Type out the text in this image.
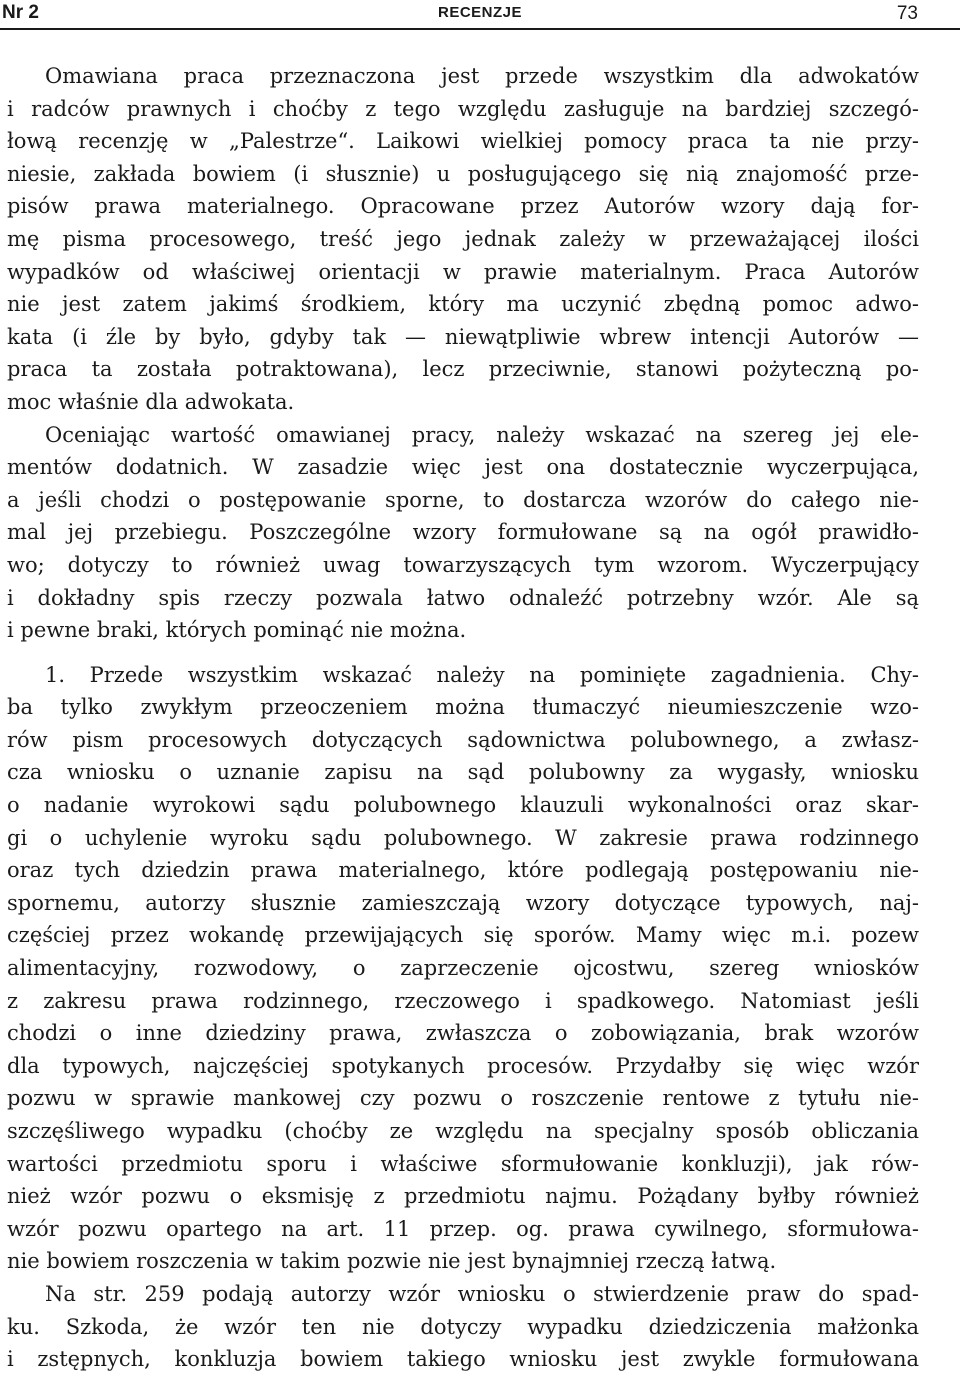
Nr 2	RECENZJE	73
Omawiana praca przeznaczona jest przede wszystkim dla adwokatów
i radców prawnych i choćby z tego względu zasługuje na bardziej szczegó-
łową recenzję w „Palestrze“. Laikowi wielkiej pomocy praca ta nie przy-
niesie, zakłada bowiem (i słusznie) u posługującego się nią znajomość prze-
pisów prawa materialnego. Opracowane przez Autorów wzory dają for-
mę pisma procesowego, treść jego jednak zależy w przeważającej ilości
wypadków od właściwej orientacji w prawie materialnym. Praca Autorów
nie jest zatem jakimś środkiem, który ma uczynić zbędną pomoc adwo-
kata (i źle by było, gdyby tak — niewątpliwie wbrew intencji Autorów —
praca ta została potraktowana), lecz przeciwnie, stanowi pożyteczną po-
moc właśnie dla adwokata.
Oceniając wartość omawianej pracy, należy wskazać na szereg jej ele-
mentów dodatnich. W zasadzie więc jest ona dostatecznie wyczerpująca,
a jeśli chodzi o postępowanie sporne, to dostarcza wzorów do całego nie-
mal jej przebiegu. Poszczególne wzory formułowane są na ogół prawidło-
wo; dotyczy to również uwag towarzyszących tym wzorom. Wyczerpujący
i dokładny spis rzeczy pozwala łatwo odnaleźć potrzebny wzór. Ale są
i pewne braki, których pominąć nie można.
1. Przede wszystkim wskazać należy na pominięte zagadnienia. Chy-
ba tylko zwykłym przeoczeniem można tłumaczyć nieumieszczenie wzo-
rów pism procesowych dotyczących sądownictwa polubownego, a zwłasz-
cza wniosku o uznanie zapisu na sąd polubowny za wygasły, wniosku
o nadanie wyrokowi sądu polubownego klauzuli wykonalności oraz skar-
gi o uchylenie wyroku sądu polubownego. W zakresie prawa rodzinnego
oraz tych dziedzin prawa materialnego, które podlegają postępowaniu nie-
spornemu, autorzy słusznie zamieszczają wzory dotyczące typowych, naj-
częściej przez wokandę przewijających się sporów. Mamy więc m.i. pozew
alimentacyjny, rozwodowy, o zaprzeczenie ojcostwu, szereg wniosków
z zakresu prawa rodzinnego, rzeczowego i spadkowego. Natomiast jeśli
chodzi o inne dziedziny prawa, zwłaszcza o zobowiązania, brak wzorów
dla typowych, najczęściej spotykanych procesów. Przydałby się więc wzór
pozwu w sprawie mankowej czy pozwu o roszczenie rentowe z tytułu nie-
szczęśliwego wypadku (choćby ze względu na specjalny sposób obliczania
wartości przedmiotu sporu i właściwe sformułowanie konkluzji), jak rów-
nież wzór pozwu o eksmisję z przedmiotu najmu. Pożądany byłby również
wzór pozwu opartego na art. 11 przep. og. prawa cywilnego, sformułowa-
nie bowiem roszczenia w takim pozwie nie jest bynajmniej rzeczą łatwą.
Na str. 259 podają autorzy wzór wniosku o stwierdzenie praw do spad-
ku. Szkoda, że wzór ten nie dotyczy wypadku dziedziczenia małżonka
i zstępnych, konkluzja bowiem takiego wniosku jest zwykle formułowana
